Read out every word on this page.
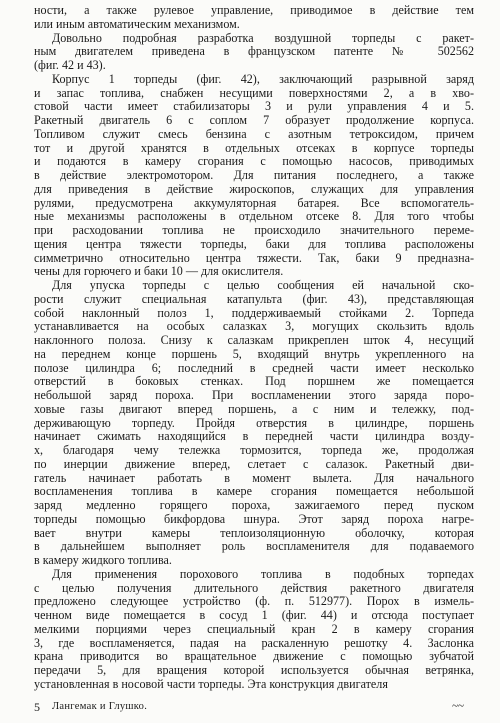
ности, а также рулевое управление, приводимое в действие тем
или иным автоматическим механизмом.

Довольно подробная разработка воздушной торпеды с ракет-
ным двигателем приведена в французском патенте № 502562
(фиг. 42 и 43).

Корпус 1 торпеды (фиг. 42), заключающий разрывной заряд
и запас топлива, снабжен несущими поверхностями 2, а в хво-
стовой части имеет стабилизаторы 3 и рули управления 4 и 5.
Ракетный двигатель 6 с соплом 7 образует продолжение корпуса.
Топливом служит смесь бензина с азотным тетроксидом, причем
тот и другой хранятся в отдельных отсеках в корпусе торпеды
и подаются в камеру сгорания с помощью насосов, приводимых
в действие электромотором. Для питания последнего, а также
для приведения в действие жироскопов, служащих для управления
рулями, предусмотрена аккумуляторная батарея. Все вспомогатель-
ные механизмы расположены в отдельном отсеке 8. Для того чтобы
при расходовании топлива не происходило значительного переме-
щения центра тяжести торпеды, баки для топлива расположены
симметрично относительно центра тяжести. Так, баки 9 предназна-
чены для горючего и баки 10 — для окислителя.

Для упуска торпеды с целью сообщения ей начальной ско-
рости служит специальная катапульта (фиг. 43), представляющая
собой наклонный полоз 1, поддерживаемый стойками 2. Торпеда
устанавливается на особых салазках 3, могущих скользить вдоль
наклонного полоза. Снизу к салазкам прикреплен шток 4, несущий
на переднем конце поршень 5, входящий внутрь укрепленного на
полозе цилиндра 6; последний в средней части имеет несколько
отверстий в боковых стенках. Под поршнем же помещается
небольшой заряд пороха. При воспламенении этого заряда поро-
ховые газы двигают вперед поршень, а с ним и тележку, под-
держивающую торпеду. Пройдя отверстия в цилиндре, поршень
начинает сжимать находящийся в передней части цилиндра возду-
х, благодаря чему тележка тормозится, торпеда же, продолжая
по инерции движение вперед, слетает с салазок. Ракетный дви-
гатель начинает работать в момент вылета. Для начального
воспламенения топлива в камере сгорания помещается небольшой
заряд медленно горящего пороха, зажигаемого перед пуском
торпеды помощью бикфордова шнура. Этот заряд пороха нагре-
вает внутри камеры теплоизоляционную оболочку, которая
в дальнейшем выполняет роль воспламенителя для подаваемого
в камеру жидкого топлива.

Для применения порохового топлива в подобных торпедах
с целью получения длительного действия ракетного двигателя
предложено следующее устройство (ф. п. 512977). Порох в измель-
ченном виде помещается в сосуд 1 (фиг. 44) и отсюда поступает
мелкими порциями через специальный кран 2 в камеру сгорания
3, где воспламеняется, падая на раскаленную решотку 4. Заслонка
крана приводится во вращательное движение с помощью зубчатой
передачи 5, для вращения которой используется обычная ветрянка,
установленная в носовой части торпеды. Эта конструкция двигателя

5 Лангемак и Глушко.	~~
